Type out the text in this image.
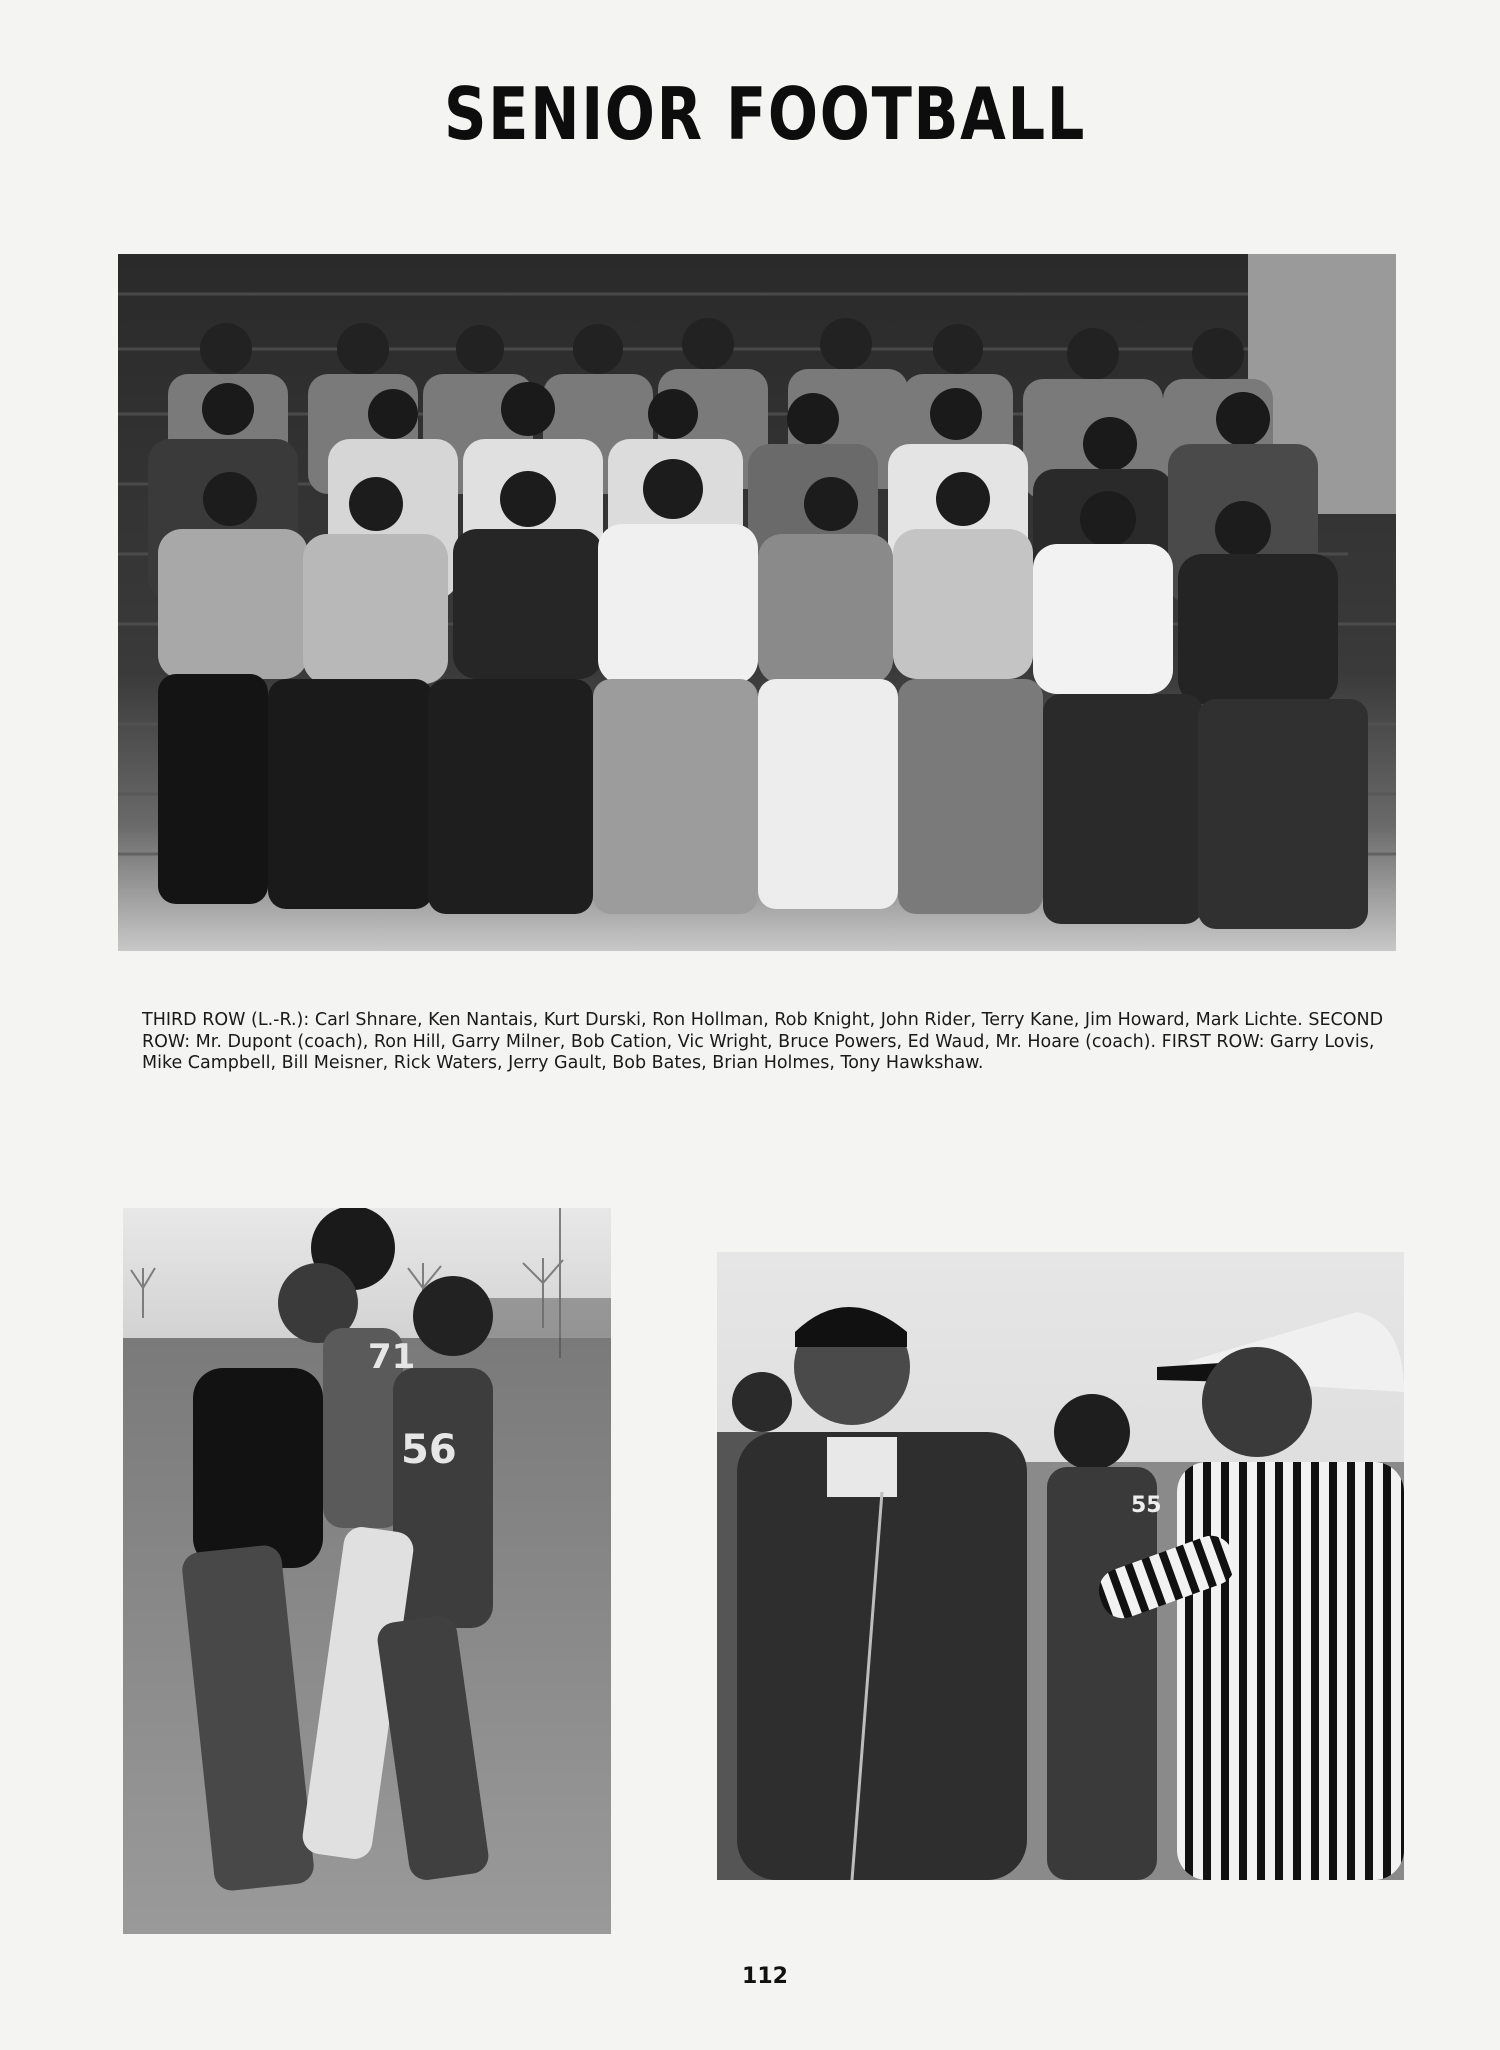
SENIOR FOOTBALL
THIRD ROW (L.-R.): Carl Shnare, Ken Nantais, Kurt Durski, Ron Hollman, Rob Knight, John Rider, Terry Kane, Jim Howard, Mark Lichte. SECOND ROW: Mr. Dupont (coach), Ron Hill, Garry Milner, Bob Cation, Vic Wright, Bruce Powers, Ed Waud, Mr. Hoare (coach). FIRST ROW: Garry Lovis, Mike Campbell, Bill Meisner, Rick Waters, Jerry Gault, Bob Bates, Brian Holmes, Tony Hawkshaw.
71
56
55
112
